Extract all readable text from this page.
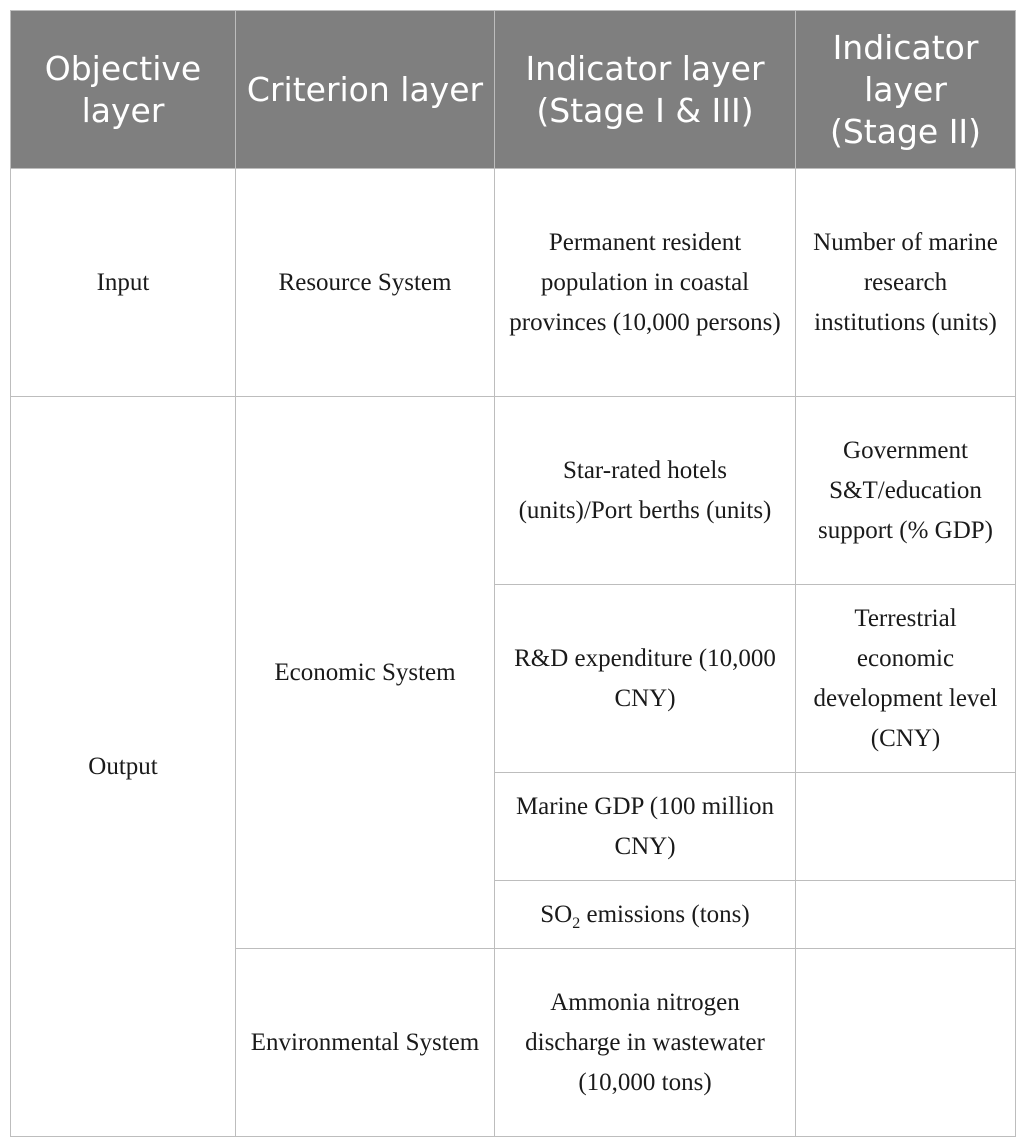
Objective layer	Criterion layer	Indicator layer (Stage I & III)	Indicator layer (Stage II)
Input	Resource System	Permanent resident population in coastal provinces (10,000 persons)	Number of marine research institutions (units)
Output	Economic System	Star-rated hotels (units)/Port berths (units)	Government S&T/education support (% GDP)
		R&D expenditure (10,000 CNY)	Terrestrial economic development level (CNY)
		Marine GDP (100 million CNY)	
		$SO_2$ emissions (tons)	
	Environmental System	Ammonia nitrogen discharge in wastewater (10,000 tons)	
